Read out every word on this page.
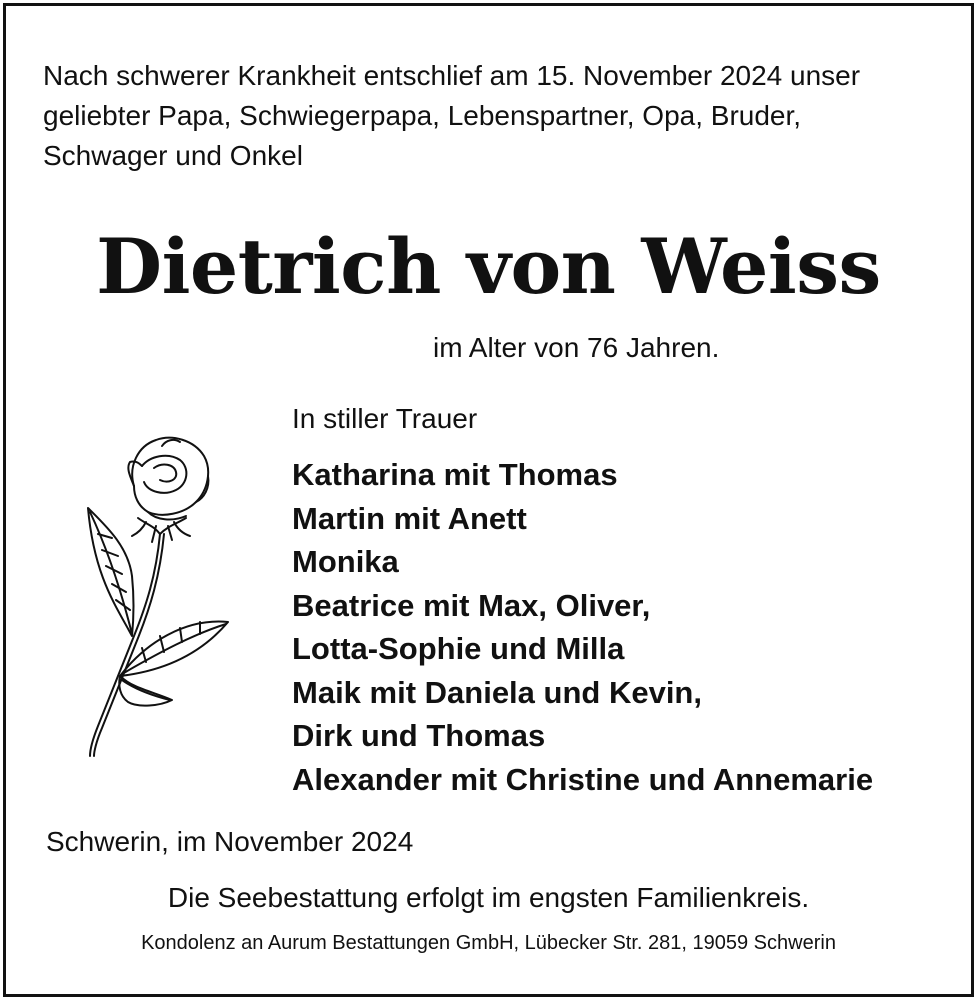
Nach schwerer Krankheit entschlief am 15. November 2024 unser
geliebter Papa, Schwiegerpapa, Lebenspartner, Opa, Bruder,
Schwager und Onkel

Dietrich von Weiss
im Alter von 76 Jahren.
In stiller Trauer
Katharina mit Thomas
Martin mit Anett
Monika
Beatrice mit Max, Oliver,
Lotta-Sophie und Milla
Maik mit Daniela und Kevin,
Dirk und Thomas
Alexander mit Christine und Annemarie
Schwerin, im November 2024
Die Seebestattung erfolgt im engsten Familienkreis.
Kondolenz an Aurum Bestattungen GmbH, Lübecker Str. 281, 19059 Schwerin
